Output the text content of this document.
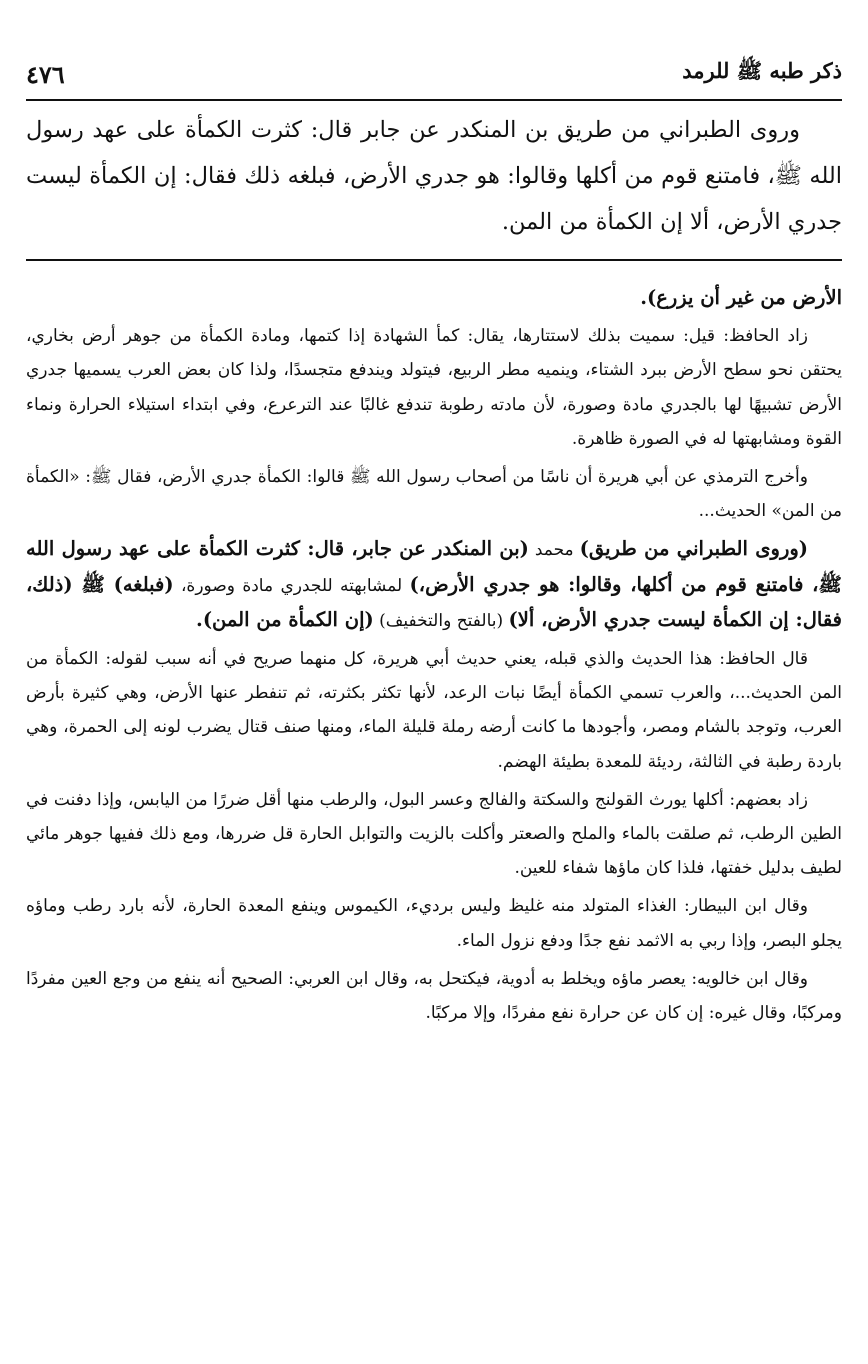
ذكر طبه ﷺ للرمد
٤٧٦

وروى الطبراني من طريق بن المنكدر عن جابر قال: كثرت الكمأة على عهد رسول الله ﷺ، فامتنع قوم من أكلها وقالوا: هو جدري الأرض، فبلغه ذلك فقال: إن الكمأة ليست جدري الأرض، ألا إن الكمأة من المن.

الأرض من غير أن يزرع).

زاد الحافظ: قيل: سميت بذلك لاستتارها، يقال: كمأ الشهادة إذا كتمها، ومادة الكمأة من جوهر أرض بخاري، يحتقن نحو سطح الأرض ببرد الشتاء، وينميه مطر الربيع، فيتولد ويندفع متجسدًا، ولذا كان بعض العرب يسميها جدري الأرض تشبيهًا لها بالجدري مادة وصورة، لأن مادته رطوبة تندفع غالبًا عند الترعرع، وفي ابتداء استيلاء الحرارة ونماء القوة ومشابهتها له في الصورة ظاهرة.

وأخرج الترمذي عن أبي هريرة أن ناسًا من أصحاب رسول الله ﷺ قالوا: الكمأة جدري الأرض، فقال ﷺ: «الكمأة من المن» الحديث...

(وروى الطبراني من طريق) محمد (بن المنكدر عن جابر، قال: كثرت الكمأة على عهد رسول الله ﷺ، فامتنع قوم من أكلها، وقالوا: هو جدري الأرض،) لمشابهته للجدري مادة وصورة، (فبلغه) ﷺ (ذلك، فقال: إن الكمأة ليست جدري الأرض، ألا) (بالفتح والتخفيف) (إن الكمأة من المن).

قال الحافظ: هذا الحديث والذي قبله، يعني حديث أبي هريرة، كل منهما صريح في أنه سبب لقوله: الكمأة من المن الحديث...، والعرب تسمي الكمأة أيضًا نبات الرعد، لأنها تكثر بكثرته، ثم تنفطر عنها الأرض، وهي كثيرة بأرض العرب، وتوجد بالشام ومصر، وأجودها ما كانت أرضه رملة قليلة الماء، ومنها صنف قتال يضرب لونه إلى الحمرة، وهي باردة رطبة في الثالثة، رديئة للمعدة بطيئة الهضم.

زاد بعضهم: أكلها يورث القولنج والسكتة والفالج وعسر البول، والرطب منها أقل ضررًا من اليابس، وإذا دفنت في الطين الرطب، ثم صلقت بالماء والملح والصعتر وأكلت بالزيت والتوابل الحارة قل ضررها، ومع ذلك ففيها جوهر مائي لطيف بدليل خفتها، فلذا كان ماؤها شفاء للعين.

وقال ابن البيطار: الغذاء المتولد منه غليظ وليس برديء، الكيموس وينفع المعدة الحارة، لأنه بارد رطب وماؤه يجلو البصر، وإذا ربي به الاثمد نفع جدًا ودفع نزول الماء.

وقال ابن خالويه: يعصر ماؤه ويخلط به أدوية، فيكتحل به، وقال ابن العربي: الصحيح أنه ينفع من وجع العين مفردًا ومركبًا، وقال غيره: إن كان عن حرارة نفع مفردًا، وإلا مركبًا.
